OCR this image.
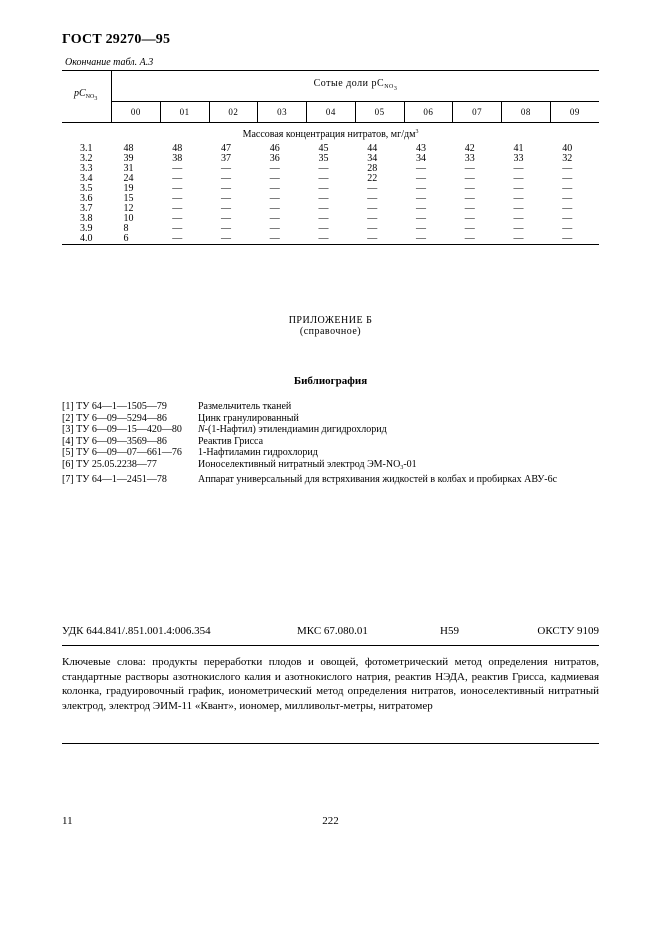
ГОСТ 29270—95
Окончание табл. А.3
$pC_{NO_3}$	Сотые доли $pC_{NO_3}$
	00	01	02	03	04	05	06	07	08	09
Массовая концентрация нитратов, $мг/дм^3$
3.1	48	48	47	46	45	44	43	42	41	40
3.2	39	38	37	36	35	34	34	33	33	32
3.3	31	—	—	—	—	28	—	—	—	—
3.4	24	—	—	—	—	22	—	—	—	—
3.5	19	—	—	—	—	—	—	—	—	—
3.6	15	—	—	—	—	—	—	—	—	—
3.7	12	—	—	—	—	—	—	—	—	—
3.8	10	—	—	—	—	—	—	—	—	—
3.9	8	—	—	—	—	—	—	—	—	—
4.0	6	—	—	—	—	—	—	—	—	—
ПРИЛОЖЕНИЕ Б
(справочное)
Библиография
[1] ТУ 64—1—1505—79	Размельчитель тканей
[2] ТУ 6—09—5294—86	Цинк гранулированный
[3] ТУ 6—09—15—420—80	N-(1-Нафтил) этилендиамин дигидрохлорид
[4] ТУ 6—09—3569—86	Реактив Грисса
[5] ТУ 6—09—07—661—76	1-Нафтиламин гидрохлорид
[6] ТУ 25.05.2238—77	Ионоселективный нитратный электрод $ЭМ-NO_3-01$
[7] ТУ 64—1—2451—78	Аппарат универсальный для встряхивания жидкостей в колбах и пробирках АВУ-6с
УДК 644.841/.851.001.4:006.354	МКС 67.080.01	Н59	ОКСТУ 9109
Ключевые слова: продукты переработки плодов и овощей, фотометрический метод определения нитратов, стандартные растворы азотнокислого калия и азотнокислого натрия, реактив НЭДА, реактив Грисса, кадмиевая колонка, градуировочный график, ионометрический метод определения нитратов, ионоселективный нитратный электрод, электрод ЭИМ-11 «Квант», иономер, милливольт-метры, нитратомер
11	222
